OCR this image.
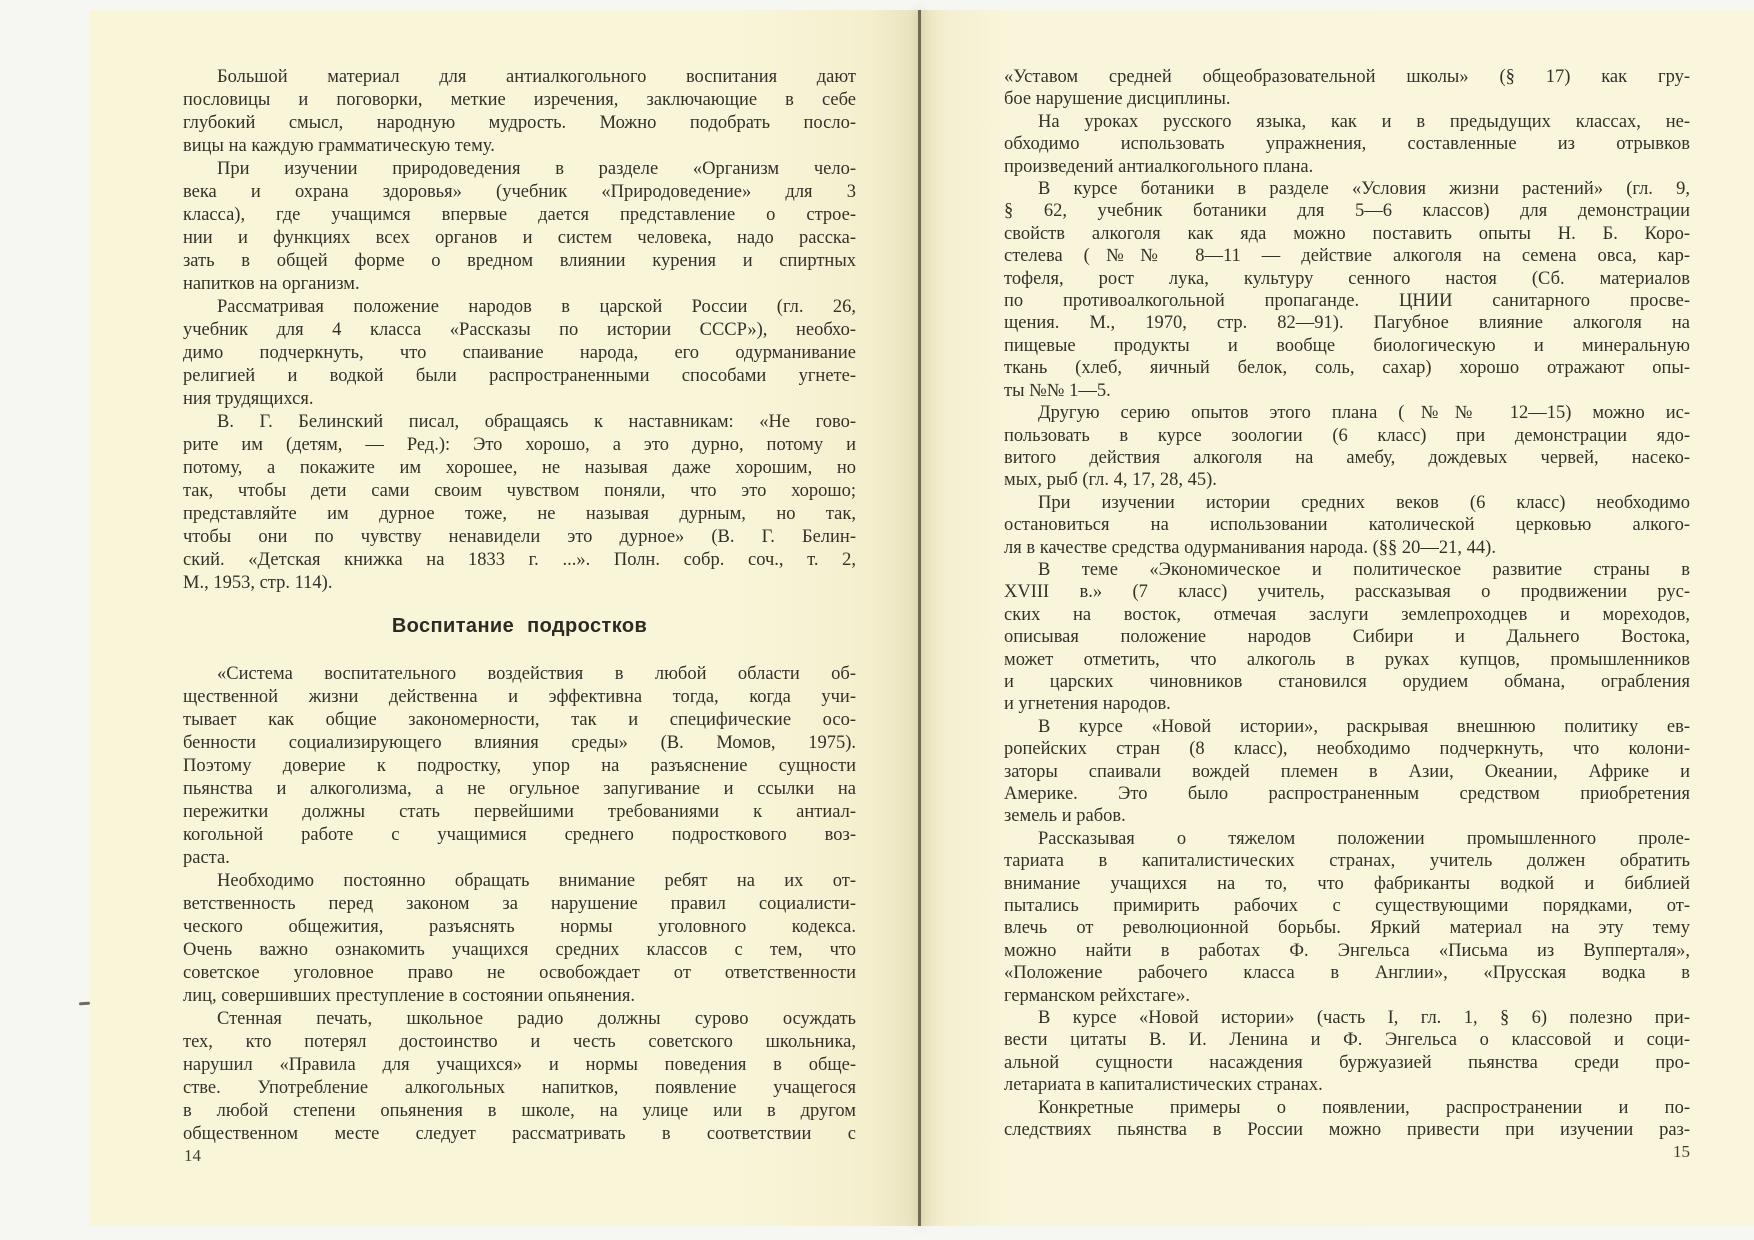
Большой материал для антиалкогольного воспитания дают
пословицы и поговорки, меткие изречения, заключающие в себе
глубокий смысл, народную мудрость. Можно подобрать посло-
вицы на каждую грамматическую тему.
При изучении природоведения в разделе «Организм чело-
века и охрана здоровья» (учебник «Природоведение» для 3
класса), где учащимся впервые дается представление о строе-
нии и функциях всех органов и систем человека, надо расска-
зать в общей форме о вредном влиянии курения и спиртных
напитков на организм.
Рассматривая положение народов в царской России (гл. 26,
учебник для 4 класса «Рассказы по истории СССР»), необхо-
димо подчеркнуть, что спаивание народа, его одурманивание
религией и водкой были распространенными способами угнете-
ния трудящихся.
В. Г. Белинский писал, обращаясь к наставникам: «Не гово-
рите им (детям, — Ред.): Это хорошо, а это дурно, потому и
потому, а покажите им хорошее, не называя даже хорошим, но
так, чтобы дети сами своим чувством поняли, что это хорошо;
представляйте им дурное тоже, не называя дурным, но так,
чтобы они по чувству ненавидели это дурное» (В. Г. Белин-
ский. «Детская книжка на 1833 г. ...». Полн. собр. соч., т. 2,
М., 1953, стр. 114).
Воспитание подростков
«Система воспитательного воздействия в любой области об-
щественной жизни действенна и эффективна тогда, когда учи-
тывает как общие закономерности, так и специфические осо-
бенности социализирующего влияния среды» (В. Момов, 1975).
Поэтому доверие к подростку, упор на разъяснение сущности
пьянства и алкоголизма, а не огульное запугивание и ссылки на
пережитки должны стать первейшими требованиями к антиал-
когольной работе с учащимися среднего подросткового воз-
раста.
Необходимо постоянно обращать внимание ребят на их от-
ветственность перед законом за нарушение правил социалисти-
ческого общежития, разъяснять нормы уголовного кодекса.
Очень важно ознакомить учащихся средних классов с тем, что
советское уголовное право не освобождает от ответственности
лиц, совершивших преступление в состоянии опьянения.
Стенная печать, школьное радио должны сурово осуждать
тех, кто потерял достоинство и честь советского школьника,
нарушил «Правила для учащихся» и нормы поведения в обще-
стве. Употребление алкогольных напитков, появление учащегося
в любой степени опьянения в школе, на улице или в другом
общественном месте следует рассматривать в соответствии с
«Уставом средней общеобразовательной школы» (§ 17) как гру-
бое нарушение дисциплины.
На уроках русского языка, как и в предыдущих классах, не-
обходимо использовать упражнения, составленные из отрывков
произведений антиалкогольного плана.
В курсе ботаники в разделе «Условия жизни растений» (гл. 9,
§ 62, учебник ботаники для 5—6 классов) для демонстрации
свойств алкоголя как яда можно поставить опыты Н. Б. Коро-
стелева (№№ 8—11 — действие алкоголя на семена овса, кар-
тофеля, рост лука, культуру сенного настоя (Сб. материалов
по противоалкогольной пропаганде. ЦНИИ санитарного просве-
щения. М., 1970, стр. 82—91). Пагубное влияние алкоголя на
пищевые продукты и вообще биологическую и минеральную
ткань (хлеб, яичный белок, соль, сахар) хорошо отражают опы-
ты №№ 1—5.
Другую серию опытов этого плана (№№ 12—15) можно ис-
пользовать в курсе зоологии (6 класс) при демонстрации ядо-
витого действия алкоголя на амебу, дождевых червей, насеко-
мых, рыб (гл. 4, 17, 28, 45).
При изучении истории средних веков (6 класс) необходимо
остановиться на использовании католической церковью алкого-
ля в качестве средства одурманивания народа. (§§ 20—21, 44).
В теме «Экономическое и политическое развитие страны в
XVIII в.» (7 класс) учитель, рассказывая о продвижении рус-
ских на восток, отмечая заслуги землепроходцев и мореходов,
описывая положение народов Сибири и Дальнего Востока,
может отметить, что алкоголь в руках купцов, промышленников
и царских чиновников становился орудием обмана, ограбления
и угнетения народов.
В курсе «Новой истории», раскрывая внешнюю политику ев-
ропейских стран (8 класс), необходимо подчеркнуть, что колони-
заторы спаивали вождей племен в Азии, Океании, Африке и
Америке. Это было распространенным средством приобретения
земель и рабов.
Рассказывая о тяжелом положении промышленного проле-
тариата в капиталистических странах, учитель должен обратить
внимание учащихся на то, что фабриканты водкой и библией
пытались примирить рабочих с существующими порядками, от-
влечь от революционной борьбы. Яркий материал на эту тему
можно найти в работах Ф. Энгельса «Письма из Вупперталя»,
«Положение рабочего класса в Англии», «Прусская водка в
германском рейхстаге».
В курсе «Новой истории» (часть I, гл. 1, § 6) полезно при-
вести цитаты В. И. Ленина и Ф. Энгельса о классовой и соци-
альной сущности насаждения буржуазией пьянства среди про-
летариата в капиталистических странах.
Конкретные примеры о появлении, распространении и по-
следствиях пьянства в России можно привести при изучении раз-
14	15
